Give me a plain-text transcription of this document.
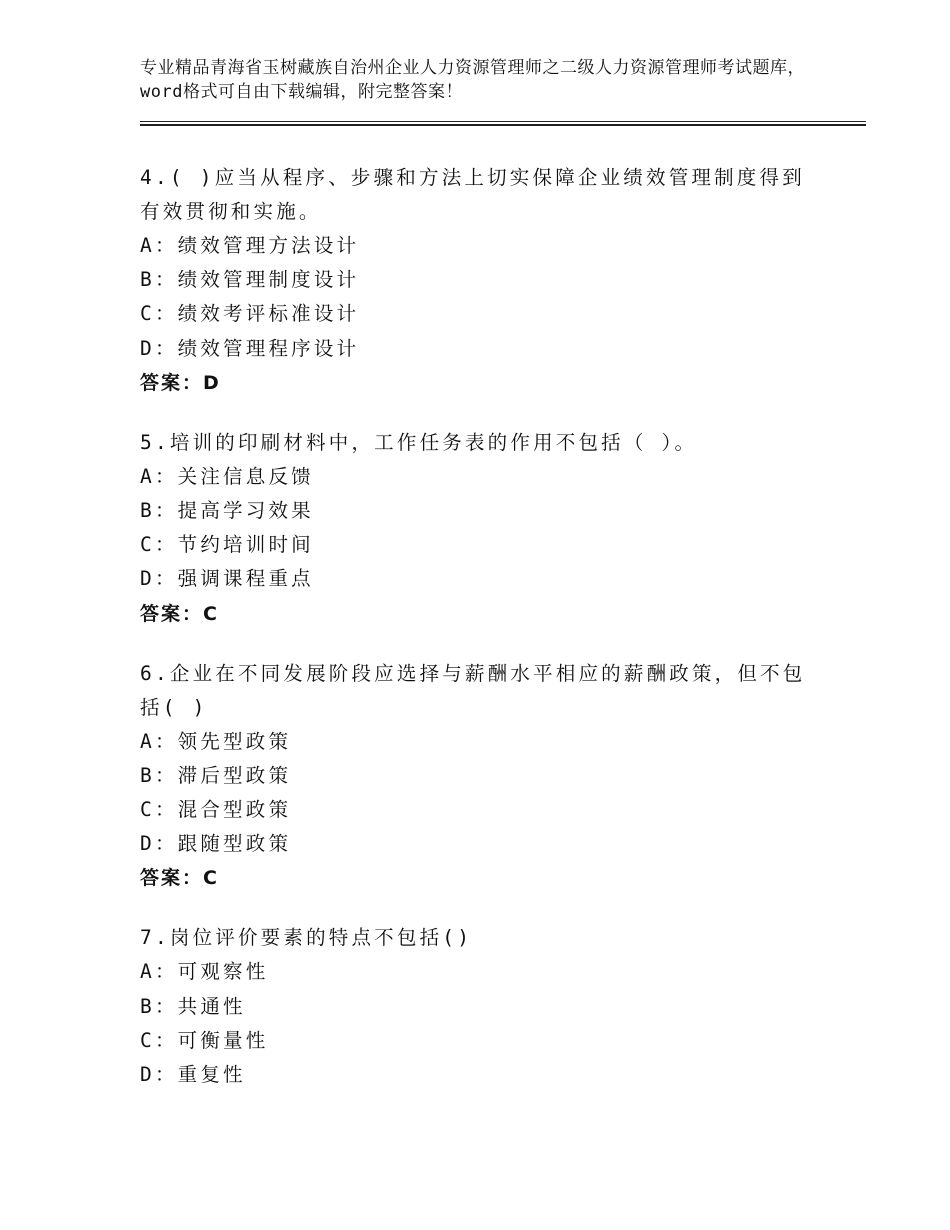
专业精品青海省玉树藏族自治州企业人力资源管理师之二级人力资源管理师考试题库，word格式可自由下载编辑，附完整答案！
4.( )应当从程序、步骤和方法上切实保障企业绩效管理制度得到有效贯彻和实施。
A：绩效管理方法设计
B：绩效管理制度设计
C：绩效考评标准设计
D：绩效管理程序设计
答案：D
5.培训的印刷材料中，工作任务表的作用不包括（ ）。
A：关注信息反馈
B：提高学习效果
C：节约培训时间
D：强调课程重点
答案：C
6.企业在不同发展阶段应选择与薪酬水平相应的薪酬政策，但不包括( )
A：领先型政策
B：滞后型政策
C：混合型政策
D：跟随型政策
答案：C
7.岗位评价要素的特点不包括()
A：可观察性
B：共通性
C：可衡量性
D：重复性
